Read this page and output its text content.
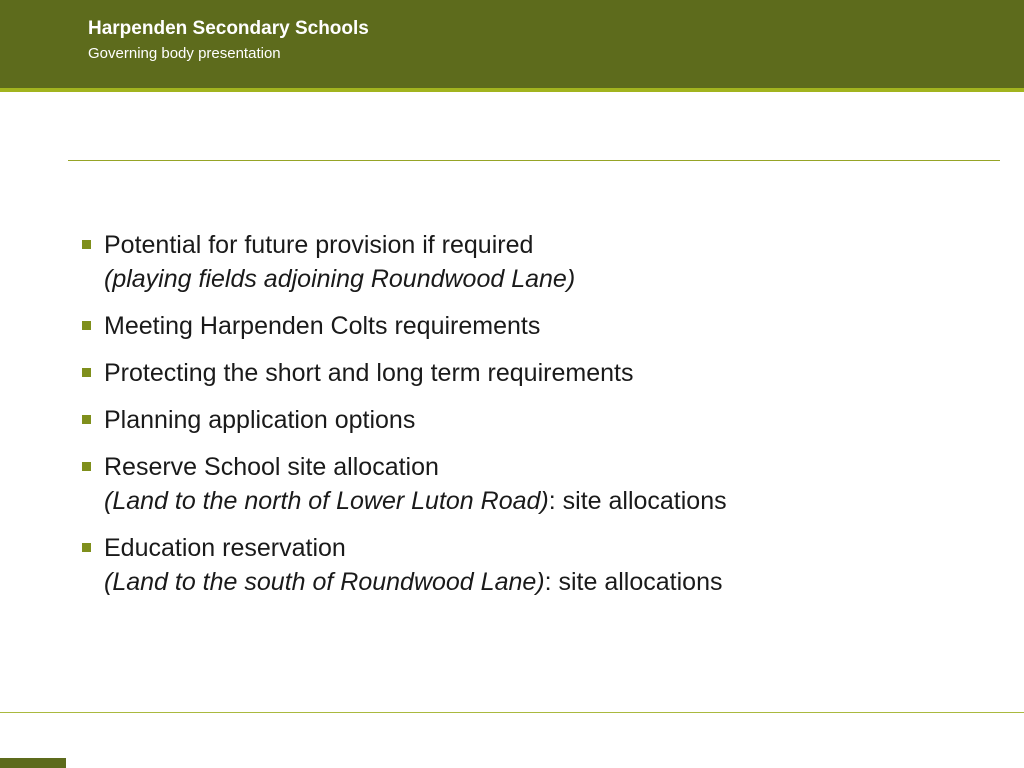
Harpenden Secondary Schools
Governing body presentation
Potential for future provision if required
(playing fields adjoining Roundwood Lane)
Meeting Harpenden Colts requirements
Protecting the short and long term requirements
Planning application options
Reserve School site allocation
(Land to the north of Lower Luton Road): site allocations
Education reservation
(Land to the south of Roundwood Lane): site allocations
